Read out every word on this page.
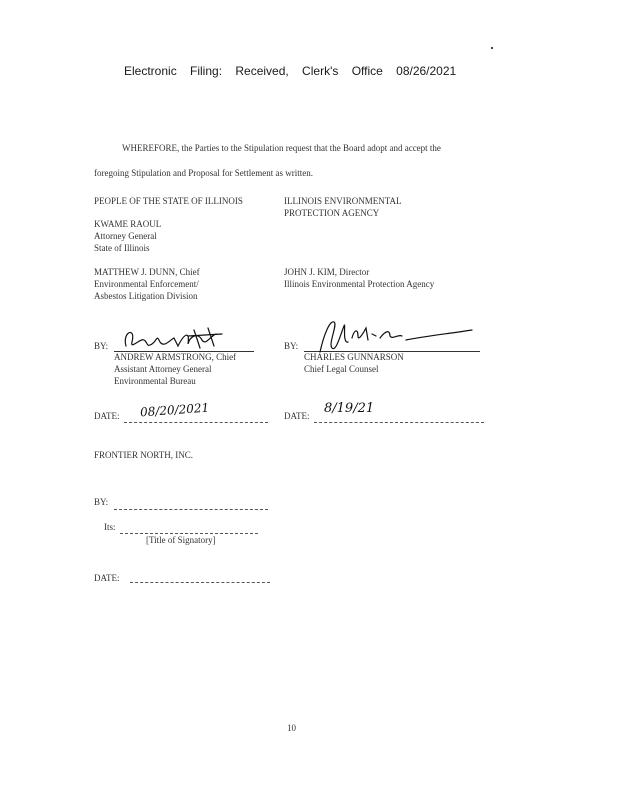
Electronic Filing: Received, Clerk's Office 08/26/2021
WHEREFORE, the Parties to the Stipulation request that the Board adopt and accept the
foregoing Stipulation and Proposal for Settlement as written.
PEOPLE OF THE STATE OF ILLINOIS
KWAME RAOUL
Attorney General
State of Illinois
MATTHEW J. DUNN, Chief
Environmental Enforcement/
Asbestos Litigation Division
BY:
ANDREW ARMSTRONG, Chief
Assistant Attorney General
Environmental Bureau
DATE: 08/20/2021
ILLINOIS ENVIRONMENTAL
PROTECTION AGENCY
JOHN J. KIM, Director
Illinois Environmental Protection Agency
BY:
CHARLES GUNNARSON
Chief Legal Counsel
DATE: 8/19/21
FRONTIER NORTH, INC.
BY:
Its:
[Title of Signatory]
DATE:
10
